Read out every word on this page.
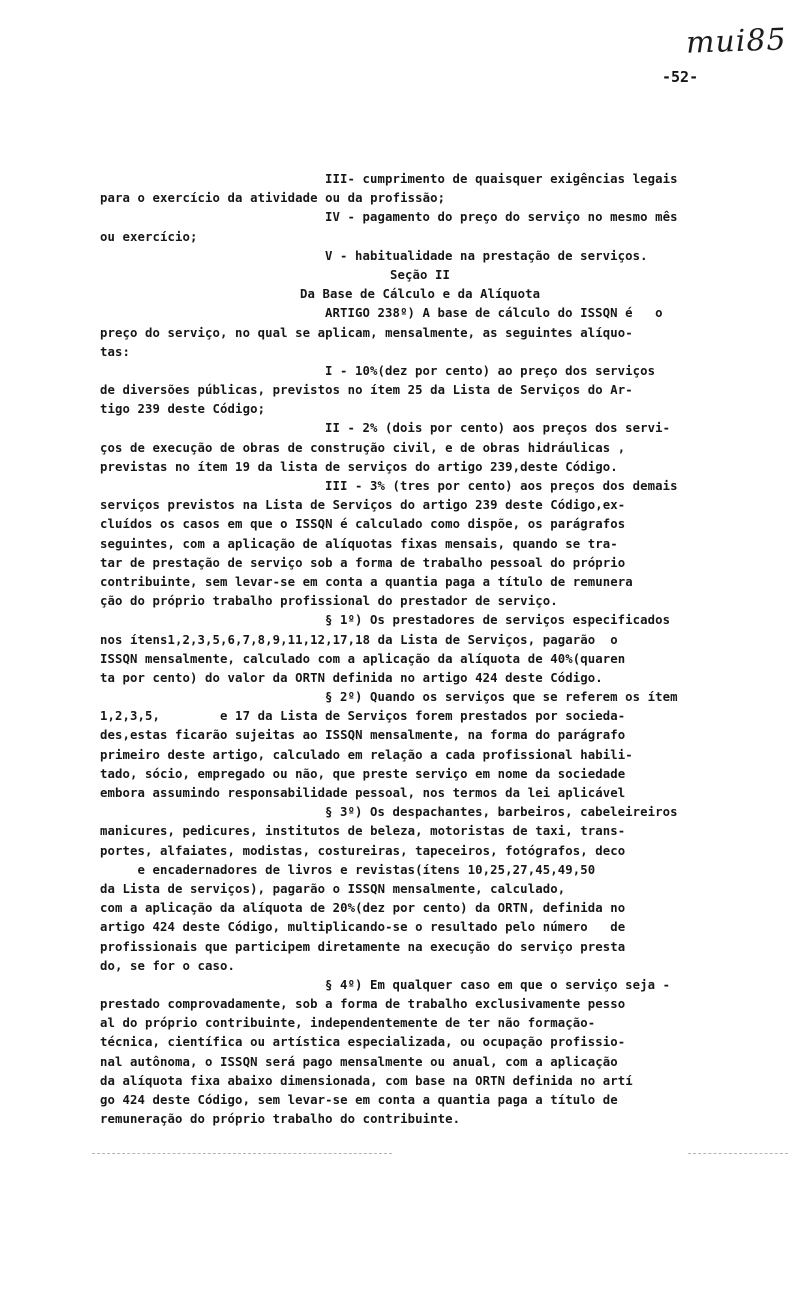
mui85
-52-
III- cumprimento de quaisquer exigências legais
para o exercício da atividade ou da profissão;
IV - pagamento do preço do serviço no mesmo mês
ou exercício;
V - habitualidade na prestação de serviços.
Seção II
Da Base de Cálculo e da Alíquota
ARTIGO 238º) A base de cálculo do ISSQN é   o
preço do serviço, no qual se aplicam, mensalmente, as seguintes alíquo-
tas:
I - 10%(dez por cento) ao preço dos serviços
de diversões públicas, previstos no ítem 25 da Lista de Serviços do Ar-
tigo 239 deste Código;
II - 2% (dois por cento) aos preços dos servi-
ços de execução de obras de construção civil, e de obras hidráulicas ,
previstas no ítem 19 da lista de serviços do artigo 239,deste Código.
III - 3% (tres por cento) aos preços dos demais
serviços previstos na Lista de Serviços do artigo 239 deste Código,ex-
cluídos os casos em que o ISSQN é calculado como dispõe, os parágrafos
seguintes, com a aplicação de alíquotas fixas mensais, quando se tra-
tar de prestação de serviço sob a forma de trabalho pessoal do próprio
contribuinte, sem levar-se em conta a quantia paga a título de remunera
ção do próprio trabalho profissional do prestador de serviço.
§ 1º) Os prestadores de serviços especificados
nos ítens1,2,3,5,6,7,8,9,11,12,17,18 da Lista de Serviços, pagarão  o
ISSQN mensalmente, calculado com a aplicação da alíquota de 40%(quaren
ta por cento) do valor da ORTN definida no artigo 424 deste Código.
§ 2º) Quando os serviços que se referem os ítem
1,2,3,5,        e 17 da Lista de Serviços forem prestados por socieda-
des,estas ficarão sujeitas ao ISSQN mensalmente, na forma do parágrafo
primeiro deste artigo, calculado em relação a cada profissional habili-
tado, sócio, empregado ou não, que preste serviço em nome da sociedade
embora assumindo responsabilidade pessoal, nos termos da lei aplicável
§ 3º) Os despachantes, barbeiros, cabeleireiros
manicures, pedicures, institutos de beleza, motoristas de taxi, trans-
portes, alfaiates, modistas, costureiras, tapeceiros, fotógrafos, deco
e encadernadores de livros e revistas(ítens 10,25,27,45,49,50
da Lista de serviços), pagarão o ISSQN mensalmente, calculado,
com a aplicação da alíquota de 20%(dez por cento) da ORTN, definida no
artigo 424 deste Código, multiplicando-se o resultado pelo número   de
profissionais que participem diretamente na execução do serviço presta
do, se for o caso.
§ 4º) Em qualquer caso em que o serviço seja -
prestado comprovadamente, sob a forma de trabalho exclusivamente pesso
al do próprio contribuinte, independentemente de ter não formação-
técnica, científica ou artística especializada, ou ocupação profissio-
nal autônoma, o ISSQN será pago mensalmente ou anual, com a aplicação
da alíquota fixa abaixo dimensionada, com base na ORTN definida no artí
go 424 deste Código, sem levar-se em conta a quantia paga a título de
remuneração do próprio trabalho do contribuinte.
